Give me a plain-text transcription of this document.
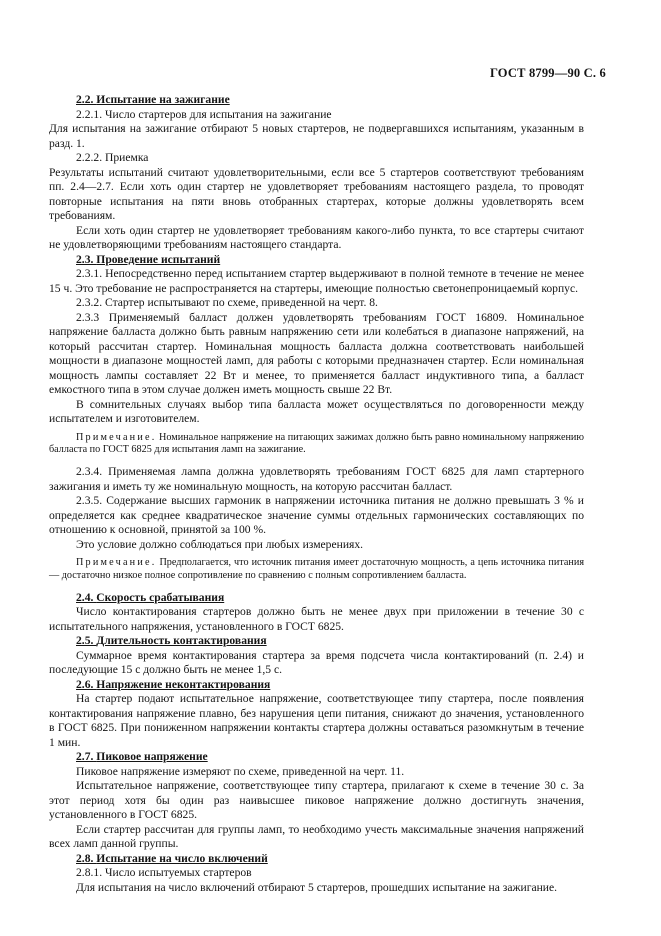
ГОСТ 8799—90 С. 6

2.2. Испытание на зажигание

2.2.1. Число стартеров для испытания на зажигание

Для испытания на зажигание отбирают 5 новых стартеров, не подвергавшихся испытаниям, указанным в разд. 1.

2.2.2. Приемка

Результаты испытаний считают удовлетворительными, если все 5 стартеров соответствуют требованиям пп. 2.4—2.7. Если хоть один стартер не удовлетворяет требованиям настоящего раздела, то проводят повторные испытания на пяти вновь отобранных стартерах, которые должны удовлетворять всем требованиям.

Если хоть один стартер не удовлетворяет требованиям какого-либо пункта, то все стартеры считают не удовлетворяющими требованиям настоящего стандарта.

2.3. Проведение испытаний

2.3.1. Непосредственно перед испытанием стартер выдерживают в полной темноте в течение не менее 15 ч. Это требование не распространяется на стартеры, имеющие полностью светонепроницаемый корпус.

2.3.2. Стартер испытывают по схеме, приведенной на черт. 8.

2.3.3 Применяемый балласт должен удовлетворять требованиям ГОСТ 16809. Номинальное напряжение балласта должно быть равным напряжению сети или колебаться в диапазоне напряжений, на который рассчитан стартер. Номинальная мощность балласта должна соответствовать наибольшей мощности в диапазоне мощностей ламп, для работы с которыми предназначен стартер. Если номинальная мощность лампы составляет 22 Вт и менее, то применяется балласт индуктивного типа, а балласт емкостного типа в этом случае должен иметь мощность свыше 22 Вт.

В сомнительных случаях выбор типа балласта может осуществляться по договоренности между испытателем и изготовителем.

Примечание. Номинальное напряжение на питающих зажимах должно быть равно номинальному напряжению балласта по ГОСТ 6825 для испытания ламп на зажигание.

2.3.4. Применяемая лампа должна удовлетворять требованиям ГОСТ 6825 для ламп стартерного зажигания и иметь ту же номинальную мощность, на которую рассчитан балласт.

2.3.5. Содержание высших гармоник в напряжении источника питания не должно превышать 3 % и определяется как среднее квадратическое значение суммы отдельных гармонических составляющих по отношению к основной, принятой за 100 %.

Это условие должно соблюдаться при любых измерениях.

Примечание. Предполагается, что источник питания имеет достаточную мощность, а цепь источника питания — достаточно низкое полное сопротивление по сравнению с полным сопротивлением балласта.

2.4. Скорость срабатывания

Число контактирования стартеров должно быть не менее двух при приложении в течение 30 с испытательного напряжения, установленного в ГОСТ 6825.

2.5. Длительность контактирования

Суммарное время контактирования стартера за время подсчета числа контактирований (п. 2.4) и последующие 15 с должно быть не менее 1,5 с.

2.6. Напряжение неконтактирования

На стартер подают испытательное напряжение, соответствующее типу стартера, после появления контактирования напряжение плавно, без нарушения цепи питания, снижают до значения, установленного в ГОСТ 6825. При пониженном напряжении контакты стартера должны оставаться разомкнутым в течение 1 мин.

2.7. Пиковое напряжение

Пиковое напряжение измеряют по схеме, приведенной на черт. 11.

Испытательное напряжение, соответствующее типу стартера, прилагают к схеме в течение 30 с. За этот период хотя бы один раз наивысшее пиковое напряжение должно достигнуть значения, установленного в ГОСТ 6825.

Если стартер рассчитан для группы ламп, то необходимо учесть максимальные значения напряжений всех ламп данной группы.

2.8. Испытание на число включений

2.8.1. Число испытуемых стартеров

Для испытания на число включений отбирают 5 стартеров, прошедших испытание на зажигание.
